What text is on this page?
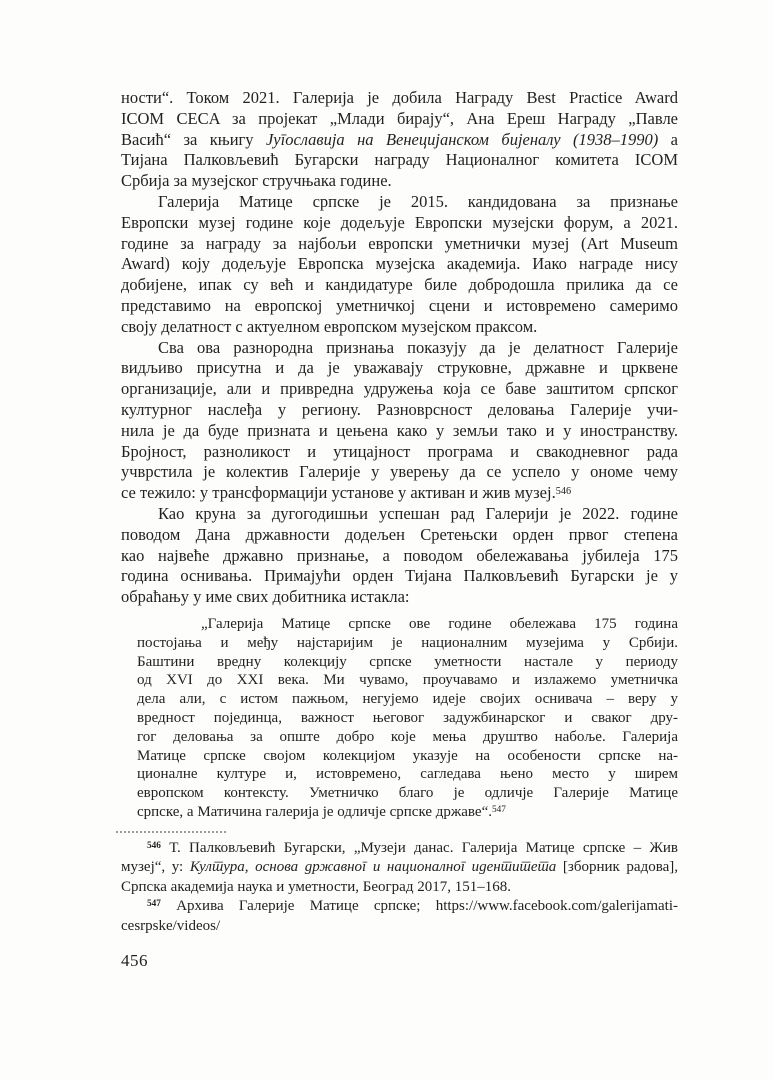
ности“. Током 2021. Галерија је добила Награду Best Practice Award
ICOM CECA за пројекат „Млади бирају“, Ана Ереш Награду „Павле
Васић“ за књигу Југославија на Венецијанском бијеналу (1938–1990) а
Тијана Палковљевић Бугарски награду Националног комитета ICOM
Србија за музејског стручњака године.
Галерија Матице српске је 2015. кандидована за признање
Европски музеј године које додељује Европски музејски форум, а 2021.
године за награду за најбољи европски уметнички музеј (Art Museum
Award) коју додељује Европска музејска академија. Иако награде нису
добијене, ипак су већ и кандидатуре биле добродошла прилика да се
представимо на европској уметничкој сцени и истовремено самеримо
своју делатност с актуелном европском музејском праксом.
Сва ова разнородна признања показују да је делатност Галерије
видљиво присутна и да је уважавају струковне, државне и црквене
организације, али и привредна удружења која се баве заштитом српског
културног наслеђа у региону. Разноврсност деловања Галерије учи-
нила је да буде призната и цењена како у земљи тако и у иностранству.
Бројност, разноликост и утицајност програма и свакодневног рада
учврстила је колектив Галерије у уверењу да се успело у ономе чему
се тежило: у трансформацији установе у активан и жив музеј.$^{546}$
Као круна за дугогодишњи успешан рад Галерији је 2022. године
поводом Дана државности додељен Сретењски орден првог степена
као највеће државно признање, а поводом обележавања јубилеја 175
година оснивања. Примајући орден Тијана Палковљевић Бугарски је у
обраћању у име свих добитника истакла:
„Галерија Матице српске ове године обележава 175 година
постојања и међу најстаријим је националним музејима у Србији.
Баштини вредну колекцију српске уметности настале у периоду
од XVI до XXI века. Ми чувамо, проучавамо и излажемо уметничка
дела али, с истом пажњом, негујемо идеје својих оснивача – веру у
вредност појединца, важност његовог задужбинарског и сваког дру-
гог деловања за опште добро које мења друштво набоље. Галерија
Матице српске својом колекцијом указује на особености српске на-
ционалне културе и, истовремено, сагледава њено место у ширем
европском контексту. Уметничко благо је одличје Галерије Матице
српске, а Матичина галерија је одличје српске државе“.$^{547}$
$^{546}$ Т. Палковљевић Бугарски, „Музеји данас. Галерија Матице српске – Жив
музеј“, у: Култура, основа државног и националног идентитета [зборник радова],
Српска академија наука и уметности, Београд 2017, 151–168.
$^{547}$ Архива Галерије Матице српске; https://www.facebook.com/galerijamati-
cesrpske/videos/
456
